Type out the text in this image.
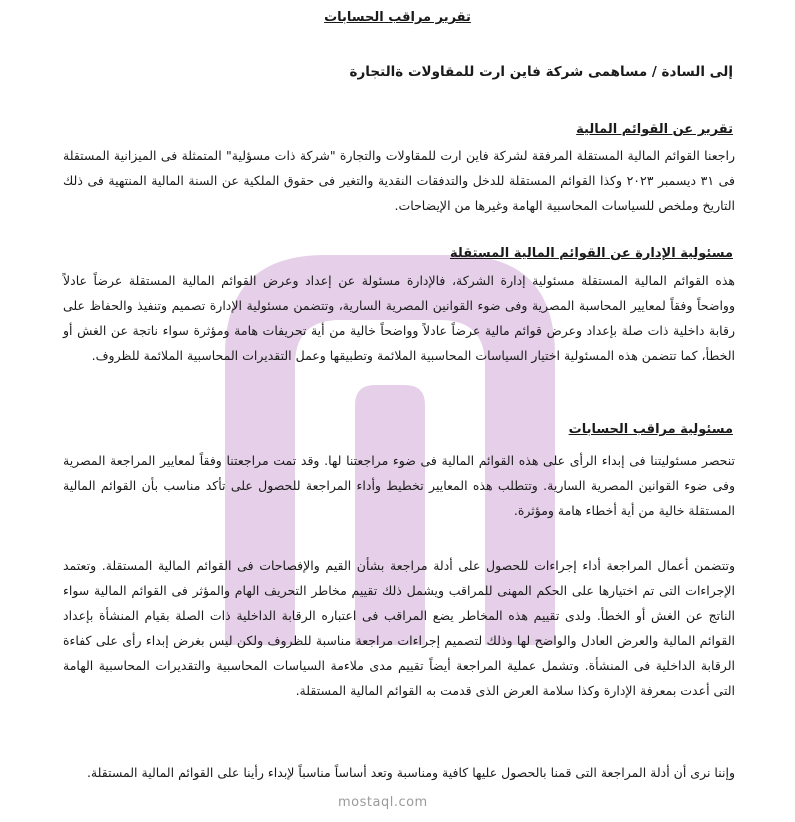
تقرير مراقب الحسابات
إلى السادة / مساهمى شركة فاين ارت للمقاولات ةالتجارة
تقرير عن القوائم المالية
راجعنا القوائم المالية المستقلة المرفقة لشركة فاين ارت للمقاولات والتجارة "شركة ذات مسؤلية" المتمثلة فى الميزانية المستقلة فى ٣١ ديسمبر ٢٠٢٣ وكذا القوائم المستقلة للدخل والتدفقات النقدية والتغير فى حقوق الملكية عن السنة المالية المنتهية فى ذلك التاريخ وملخص للسياسات المحاسبية الهامة وغيرها من الإيضاحات.
مسئولية الإدارة عن القوائم المالية المستقلة
هذه القوائم المالية المستقلة مسئولية إدارة الشركة، فالإدارة مسئولة عن إعداد وعرض القوائم المالية المستقلة عرضاً عادلاً وواضحاً وفقاً لمعايير المحاسبة المصرية وفى ضوء القوانين المصرية السارية، وتتضمن مسئولية الإدارة تصميم وتنفيذ والحفاظ على رقابة داخلية ذات صلة بإعداد وعرض قوائم مالية عرضاً عادلاً وواضحاً خالية من أية تحريفات هامة ومؤثرة سواء ناتجة عن الغش أو الخطأ، كما تتضمن هذه المسئولية اختيار السياسات المحاسبية الملائمة وتطبيقها وعمل التقديرات المحاسبية الملائمة للظروف.
مسئولية مراقب الحسابات
تنحصر مسئوليتنا فى إبداء الرأى على هذه القوائم المالية فى ضوء مراجعتنا لها. وقد تمت مراجعتنا وفقاً لمعايير المراجعة المصرية وفى ضوء القوانين المصرية السارية. وتتطلب هذه المعايير تخطيط وأداء المراجعة للحصول على تأكد مناسب بأن القوائم المالية المستقلة خالية من أية أخطاء هامة ومؤثرة.
وتتضمن أعمال المراجعة أداء إجراءات للحصول على أدلة مراجعة بشأن القيم والإفصاحات فى القوائم المالية المستقلة. وتعتمد الإجراءات التى تم اختيارها على الحكم المهنى للمراقب ويشمل ذلك تقييم مخاطر التحريف الهام والمؤثر فى القوائم المالية سواء الناتج عن الغش أو الخطأ. ولدى تقييم هذه المخاطر يضع المراقب فى اعتباره الرقابة الداخلية ذات الصلة بقيام المنشأة بإعداد القوائم المالية والعرض العادل والواضح لها وذلك لتصميم إجراءات مراجعة مناسبة للظروف ولكن ليس بغرض إبداء رأى على كفاءة الرقابة الداخلية فى المنشأة. وتشمل عملية المراجعة أيضاً تقييم مدى ملاءمة السياسات المحاسبية والتقديرات المحاسبية الهامة التى أعدت بمعرفة الإدارة وكذا سلامة العرض الذى قدمت به القوائم المالية المستقلة.
وإننا نرى أن أدلة المراجعة التى قمنا بالحصول عليها كافية ومناسبة وتعد أساساً مناسباً لإبداء رأينا على القوائم المالية المستقلة.
mostaql.com
